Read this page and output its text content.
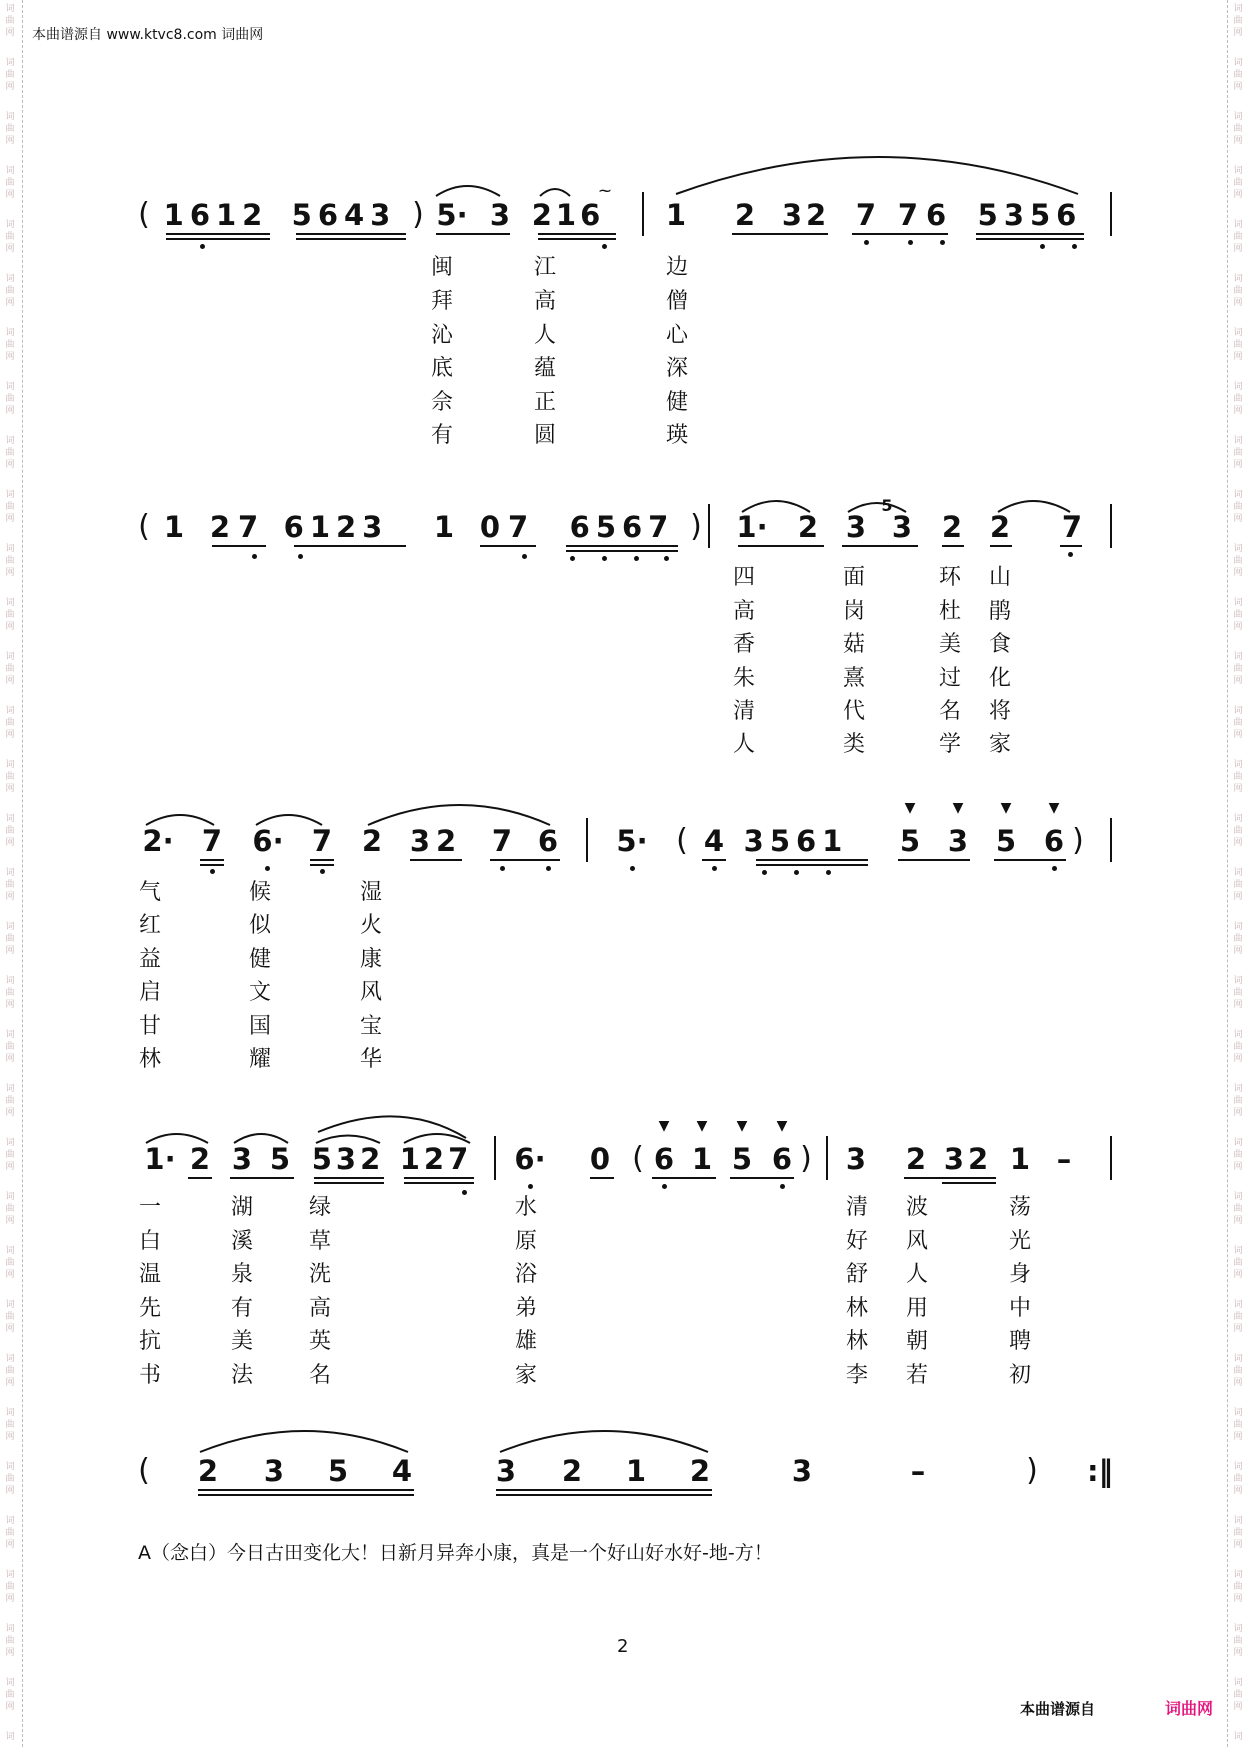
词
曲
网
词
曲
网
词
曲
网
词
曲
网
词
曲
网
词
曲
网
词
曲
网
词
曲
网
词
曲
网
词
曲
网
词
曲
网
词
曲
网
词
曲
网
词
曲
网
词
曲
网
词
曲
网
词
曲
网
词
曲
网
词
曲
网
词
曲
网
词
曲
网
词
曲
网
词
曲
网
词
曲
网
词
曲
网
词
曲
网
词
曲
网
词
曲
网
词
曲
网
词
曲
网
词
曲
网
词
曲
网
词
词
曲
网
词
曲
网
词
曲
网
词
曲
网
词
曲
网
词
曲
网
词
曲
网
词
曲
网
词
曲
网
词
曲
网
词
曲
网
词
曲
网
词
曲
网
词
曲
网
词
曲
网
词
曲
网
词
曲
网
词
曲
网
词
曲
网
词
曲
网
词
曲
网
词
曲
网
词
曲
网
词
曲
网
词
曲
网
词
曲
网
词
曲
网
词
曲
网
词
曲
网
词
曲
网
词
曲
网
词
曲
网
词
本曲谱源自 www.ktvc8.com 词曲网
( 1612 5643 ) 5· 3 216 1 2 32 7 76 5356
⁓
闽	江	边
拜	高	僧
沁	人	心
底	蕴	深
佘	正	健
有	圆	瑛
( 1 27 6123 1 07 6567 ) 1· 2 3
5
3 2 2 7
四	面	环 山
高	岗	杜 鹃
香	菇	美 食
朱	熹	过 化
清	代	名 将
人	类	学 家
2· 7 6· 7 2 32 7 6 5· ( 4 3561 5 3 5 6 )
▼	▼	▼	▼
气	候	湿
红	似	火
益	健	康
启	文	风
甘	国	宝
林	耀	华
1· 2 3 5 532 127 6· 0 ( 6 1 5 6 ) 3 2 32 1 –
▼ ▼ ▼ ▼
一	湖	绿	水	清 波	荡
白	溪	草	原	好 风	光
温	泉	洗	浴	舒 人	身
先	有	高	弟	林 用	中
抗	美	英	雄	林 朝	聘
书	法	名	家	李 若	初
( 2 3 5 4	3 2 1 2	3	–	) :‖
A（念白）今日古田变化大！日新月异奔小康，真是一个好山好水好-地-方！
2
本曲谱源自	词曲网
